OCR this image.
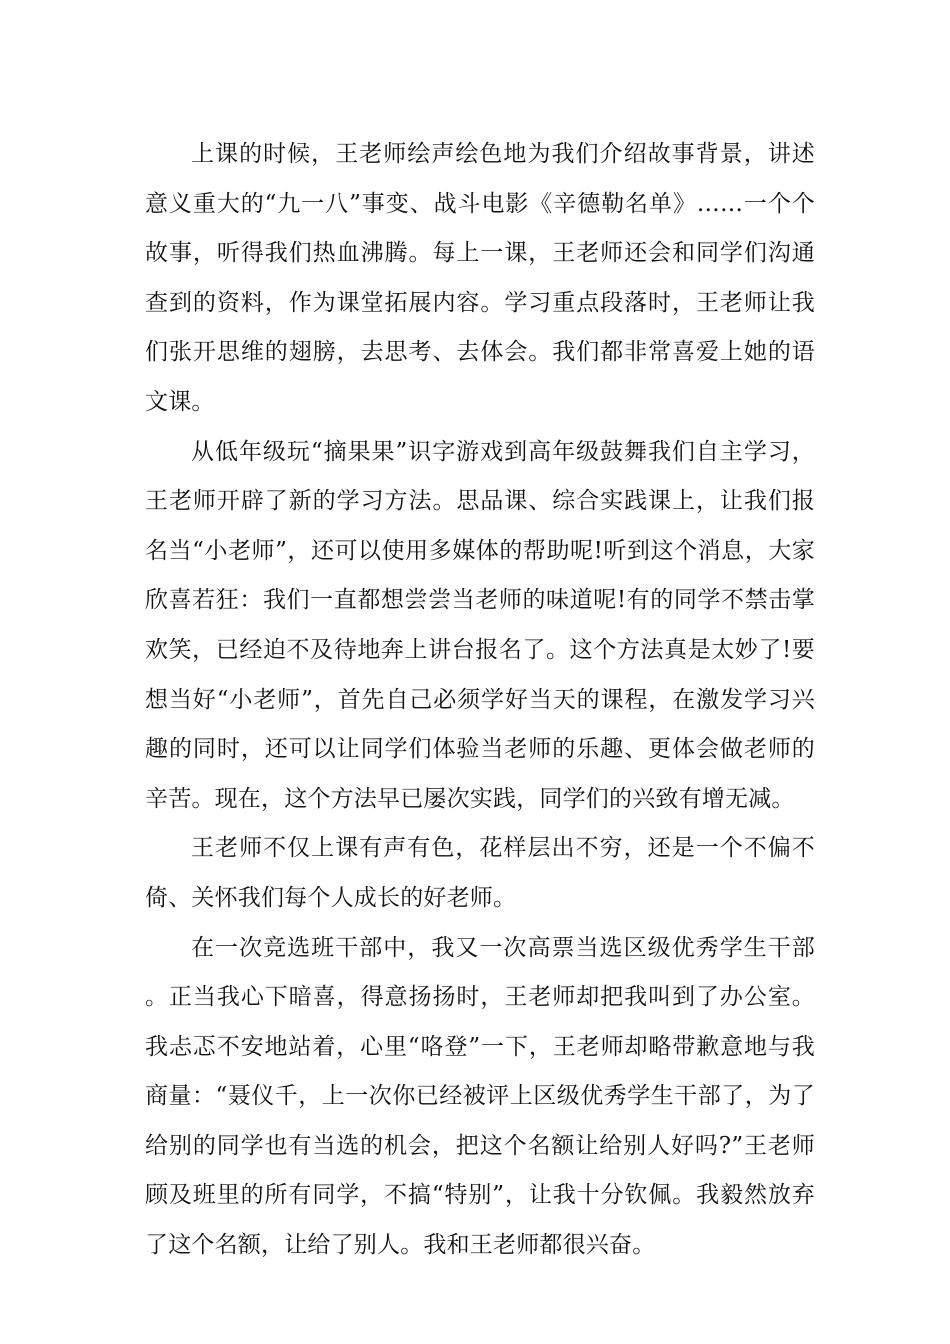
上课的时候，王老师绘声绘色地为我们介绍故事背景，讲述意义重大的“九一八”事变、战斗电影《辛德勒名单》……一个个故事，听得我们热血沸腾。每上一课，王老师还会和同学们沟通查到的资料，作为课堂拓展内容。学习重点段落时，王老师让我们张开思维的翅膀，去思考、去体会。我们都非常喜爱上她的语文课。

从低年级玩“摘果果”识字游戏到高年级鼓舞我们自主学习，王老师开辟了新的学习方法。思品课、综合实践课上，让我们报名当“小老师”，还可以使用多媒体的帮助呢!听到这个消息，大家欣喜若狂：我们一直都想尝尝当老师的味道呢!有的同学不禁击掌欢笑，已经迫不及待地奔上讲台报名了。这个方法真是太妙了!要想当好“小老师”，首先自己必须学好当天的课程，在激发学习兴趣的同时，还可以让同学们体验当老师的乐趣、更体会做老师的辛苦。现在，这个方法早已屡次实践，同学们的兴致有增无减。

王老师不仅上课有声有色，花样层出不穷，还是一个不偏不倚、关怀我们每个人成长的好老师。

在一次竞选班干部中，我又一次高票当选区级优秀学生干部。正当我心下暗喜，得意扬扬时，王老师却把我叫到了办公室。我忐忑不安地站着，心里“咯登”一下，王老师却略带歉意地与我商量：“聂仪千，上一次你已经被评上区级优秀学生干部了，为了给别的同学也有当选的机会，把这个名额让给别人好吗?”王老师顾及班里的所有同学，不搞“特别”，让我十分钦佩。我毅然放弃了这个名额，让给了别人。我和王老师都很兴奋。
